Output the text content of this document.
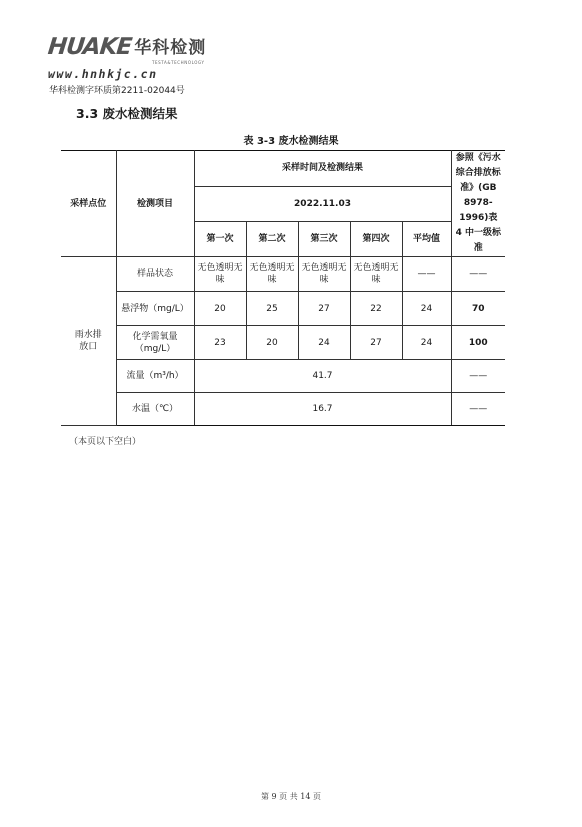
HUAKE 华科检测
TESTA&TECHNOLOGY
www.hnhkjc.cn
华科检测字环质第2211-02044号
3.3 废水检测结果
表 3-3 废水检测结果
采样点位	检测项目	采样时间及检测结果					参照《污水综合排放标准》(GB 8978-1996)表 4 中一级标准
		2022.11.03					
		第一次	第二次	第三次	第四次	平均值	
雨水排放口	样品状态	无色透明无味	无色透明无味	无色透明无味	无色透明无味	——	——
	悬浮物（mg/L）	20	25	27	22	24	70
	化学需氧量（mg/L）	23	20	24	27	24	100
	流量（m³/h）	41.7					——
	水温（℃）	16.7					——
（本页以下空白）
第 9 页 共 14 页
